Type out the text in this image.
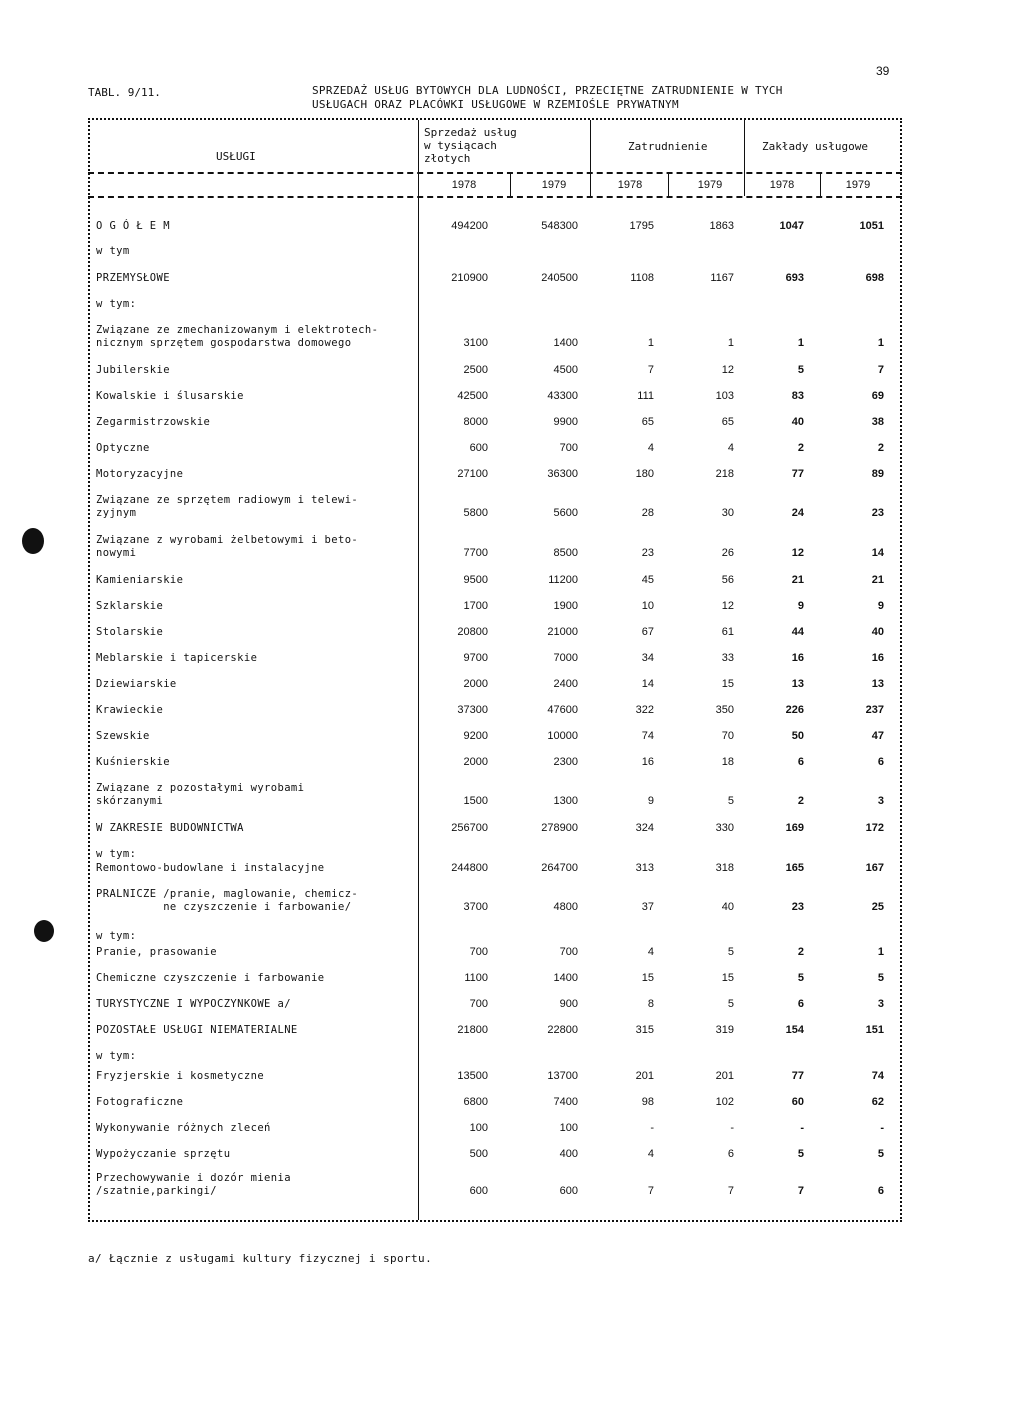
39
TABL. 9/11.	SPRZEDAŻ USŁUG BYTOWYCH DLA LUDNOŚCI, PRZECIĘTNE ZATRUDNIENIE W TYCH
USŁUGACH ORAZ PLACÓWKI USŁUGOWE W RZEMIOŚLE PRYWATNYM
USŁUGI
Sprzedaż usług
w tysiącach
złotych
Zatrudnienie	Zakłady usługowe
1978	1979	1978	1979	1978	1979
O G Ó Ł E M	494200	548300	1795	1863	1047	1051
w tym
PRZEMYSŁOWE	210900	240500	1108	1167	693	698
w tym:
Związane ze zmechanizowanym i elektrotech-
nicznym sprzętem gospodarstwa domowego	3100	1400	1	1	1	1
Jubilerskie	2500	4500	7	12	5	7
Kowalskie i ślusarskie	42500	43300	111	103	83	69
Zegarmistrzowskie	8000	9900	65	65	40	38
Optyczne	600	700	4	4	2	2
Motoryzacyjne	27100	36300	180	218	77	89
Związane ze sprzętem radiowym i telewi-
zyjnym	5800	5600	28	30	24	23
Związane z wyrobami żelbetowymi i beto-
nowymi	7700	8500	23	26	12	14
Kamieniarskie	9500	11200	45	56	21	21
Szklarskie	1700	1900	10	12	9	9
Stolarskie	20800	21000	67	61	44	40
Meblarskie i tapicerskie	9700	7000	34	33	16	16
Dziewiarskie	2000	2400	14	15	13	13
Krawieckie	37300	47600	322	350	226	237
Szewskie	9200	10000	74	70	50	47
Kuśnierskie	2000	2300	16	18	6	6
Związane z pozostałymi wyrobami
skórzanymi	1500	1300	9	5	2	3
W ZAKRESIE BUDOWNICTWA	256700	278900	324	330	169	172
w tym:
Remontowo-budowlane i instalacyjne	244800	264700	313	318	165	167
PRALNICZE /pranie, maglowanie, chemicz-
ne czyszczenie i farbowanie/	3700	4800	37	40	23	25
w tym:
Pranie, prasowanie	700	700	4	5	2	1
Chemiczne czyszczenie i farbowanie	1100	1400	15	15	5	5
TURYSTYCZNE I WYPOCZYNKOWE a/	700	900	8	5	6	3
POZOSTAŁE USŁUGI NIEMATERIALNE	21800	22800	315	319	154	151
w tym:
Fryzjerskie i kosmetyczne	13500	13700	201	201	77	74
Fotograficzne	6800	7400	98	102	60	62
Wykonywanie różnych zleceń	100	100	-	-	-	-
Wypożyczanie sprzętu	500	400	4	6	5	5
Przechowywanie i dozór mienia
/szatnie,parkingi/	600	600	7	7	7	6
a/ Łącznie z usługami kultury fizycznej i sportu.
